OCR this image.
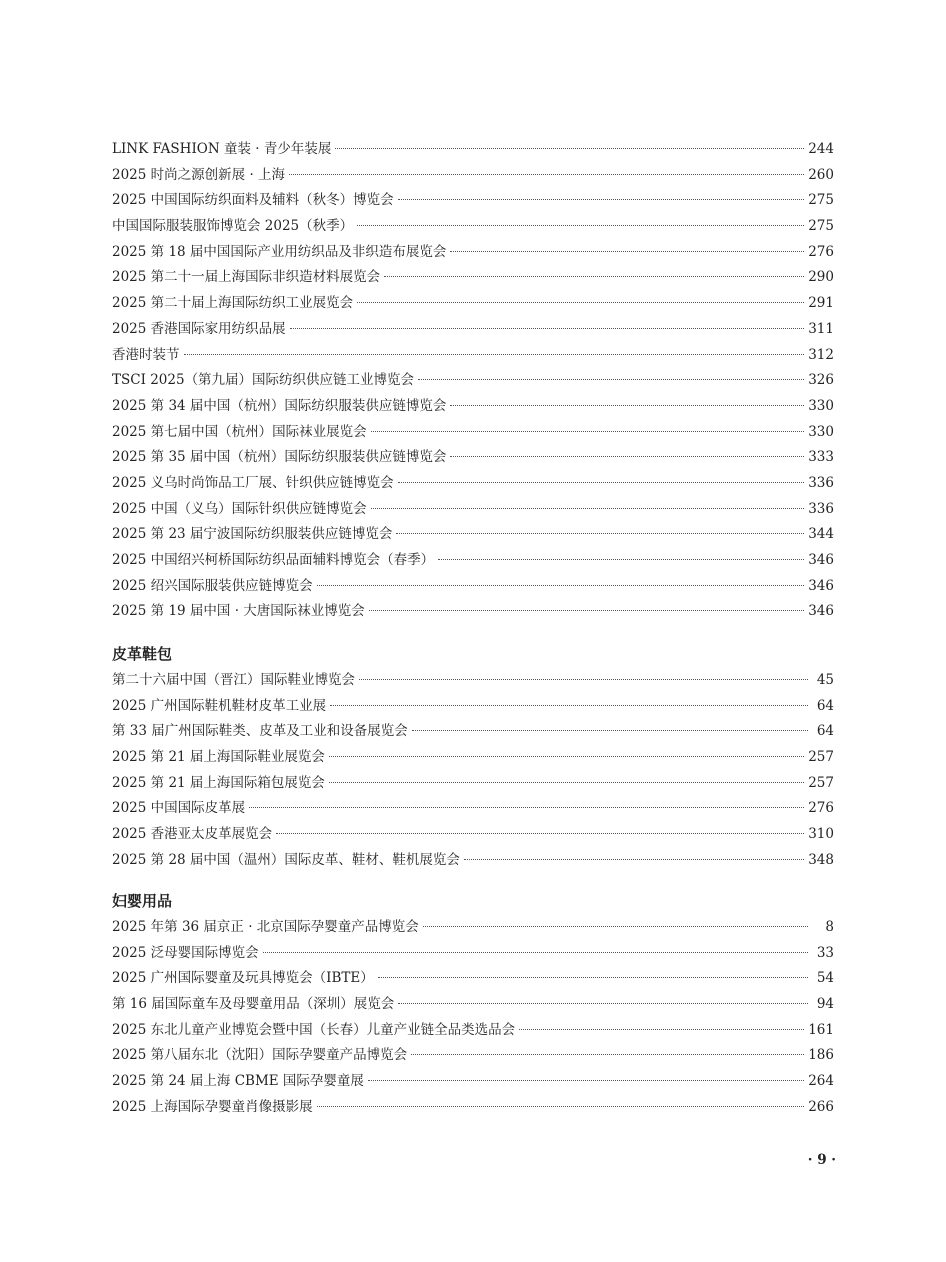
LINK FASHION 童装 · 青少年装展	244
2025 时尚之源创新展 · 上海	260
2025 中国国际纺织面料及辅料（秋冬）博览会	275
中国国际服装服饰博览会 2025（秋季）	275
2025 第 18 届中国国际产业用纺织品及非织造布展览会	276
2025 第二十一届上海国际非织造材料展览会	290
2025 第二十届上海国际纺织工业展览会	291
2025 香港国际家用纺织品展	311
香港时装节	312
TSCI 2025（第九届）国际纺织供应链工业博览会	326
2025 第 34 届中国（杭州）国际纺织服装供应链博览会	330
2025 第七届中国（杭州）国际袜业展览会	330
2025 第 35 届中国（杭州）国际纺织服装供应链博览会	333
2025 义乌时尚饰品工厂展、针织供应链博览会	336
2025 中国（义乌）国际针织供应链博览会	336
2025 第 23 届宁波国际纺织服装供应链博览会	344
2025 中国绍兴柯桥国际纺织品面辅料博览会（春季）	346
2025 绍兴国际服装供应链博览会	346
2025 第 19 届中国 · 大唐国际袜业博览会	346
皮革鞋包
第二十六届中国（晋江）国际鞋业博览会	45
2025 广州国际鞋机鞋材皮革工业展	64
第 33 届广州国际鞋类、皮革及工业和设备展览会	64
2025 第 21 届上海国际鞋业展览会	257
2025 第 21 届上海国际箱包展览会	257
2025 中国国际皮革展	276
2025 香港亚太皮革展览会	310
2025 第 28 届中国（温州）国际皮革、鞋材、鞋机展览会	348
妇婴用品
2025 年第 36 届京正 · 北京国际孕婴童产品博览会	8
2025 泛母婴国际博览会	33
2025 广州国际婴童及玩具博览会（IBTE）	54
第 16 届国际童车及母婴童用品（深圳）展览会	94
2025 东北儿童产业博览会暨中国（长春）儿童产业链全品类选品会	161
2025 第八届东北（沈阳）国际孕婴童产品博览会	186
2025 第 24 届上海 CBME 国际孕婴童展	264
2025 上海国际孕婴童肖像摄影展	266
· 9 ·
